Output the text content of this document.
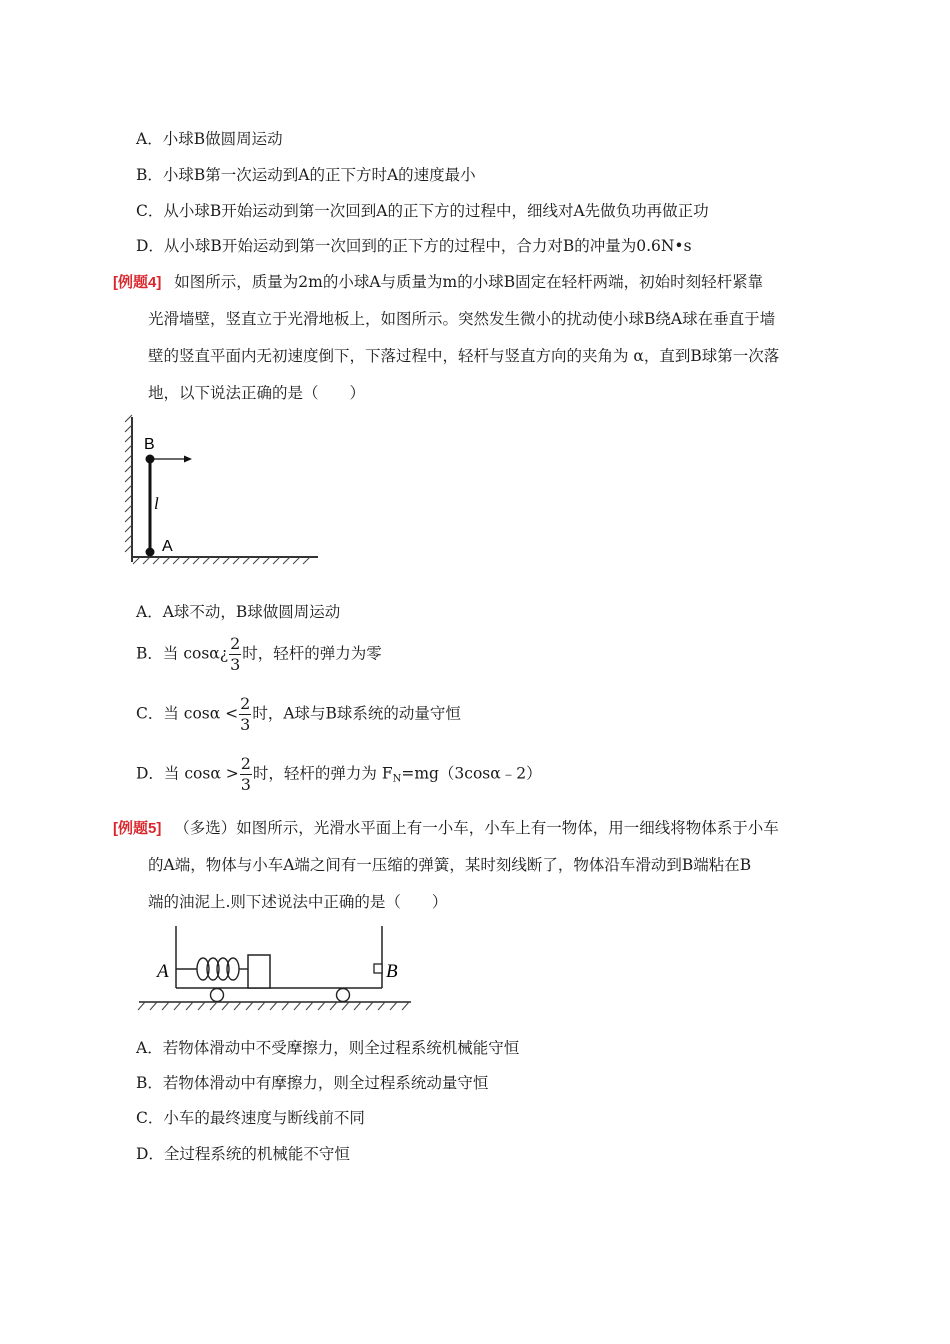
A．小球B做圆周运动
B．小球B第一次运动到A的正下方时A的速度最小
C．从小球B开始运动到第一次回到A的正下方的过程中，细线对A先做负功再做正功
D．从小球B开始运动到第一次回到的正下方的过程中，合力对B的冲量为0.6N•s
[例题4] 如图所示，质量为2m的小球A与质量为m的小球B固定在轻杆两端，初始时刻轻杆紧靠
光滑墙壁，竖直立于光滑地板上，如图所示。突然发生微小的扰动使小球B绕A球在垂直于墙
壁的竖直平面内无初速度倒下，下落过程中，轻杆与竖直方向的夹角为 α，直到B球第一次落
地，以下说法正确的是（　　）
B
A
l
A．A球不动，B球做圆周运动
B．当 cosα¿ $\frac{2}{3}$ 时，轻杆的弹力为零
C．当 $\cos\alpha < \frac{2}{3}$ 时，A球与B球系统的动量守恒
D．当 $\cos\alpha > \frac{2}{3}$ 时，轻杆的弹力为 $F_N=mg(3\cos\alpha﹣2)$
[例题5] （多选）如图所示，光滑水平面上有一小车，小车上有一物体，用一细线将物体系于小车
的A端，物体与小车A端之间有一压缩的弹簧，某时刻线断了，物体沿车滑动到B端粘在B
端的油泥上.则下述说法中正确的是（　　）
A	B
A．若物体滑动中不受摩擦力，则全过程系统机械能守恒
B．若物体滑动中有摩擦力，则全过程系统动量守恒
C．小车的最终速度与断线前不同
D．全过程系统的机械能不守恒
